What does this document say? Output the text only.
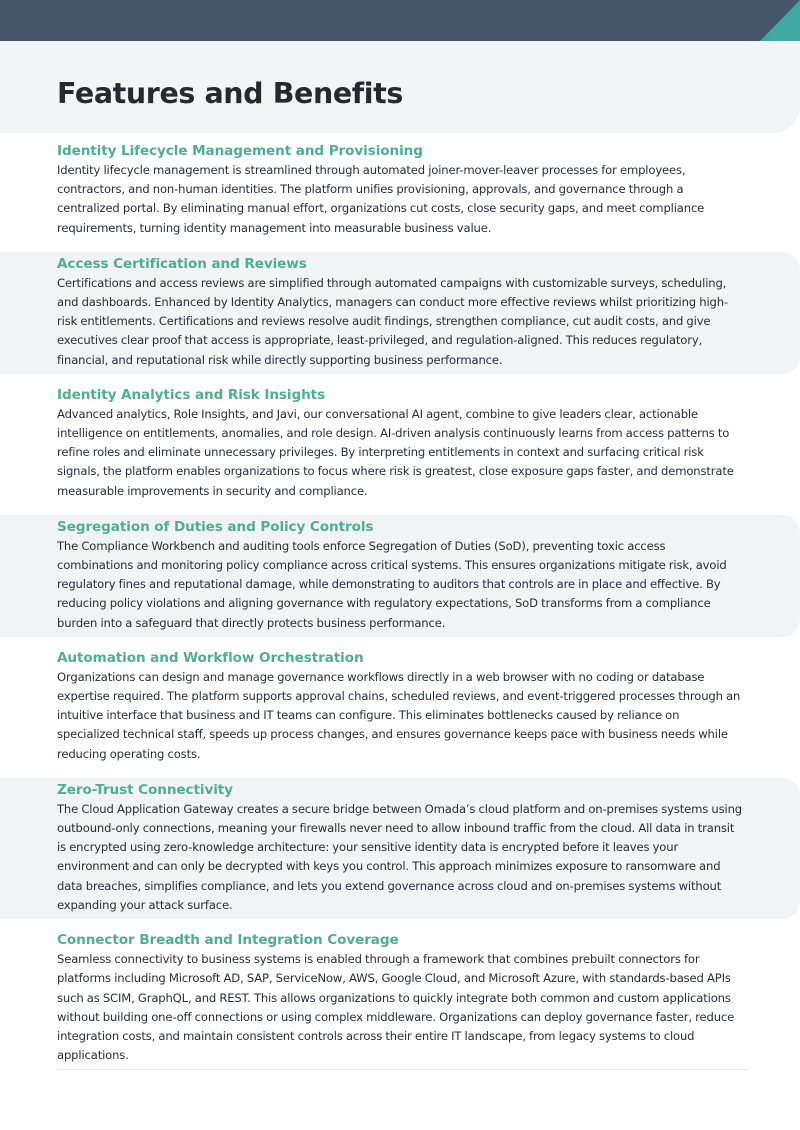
Features and Benefits
Identity Lifecycle Management and Provisioning

Identity lifecycle management is streamlined through automated joiner-mover-leaver processes for employees, contractors, and non-human identities. The platform unifies provisioning, approvals, and governance through a centralized portal. By eliminating manual effort, organizations cut costs, close security gaps, and meet compliance requirements, turning identity management into measurable business value.

Access Certification and Reviews

Certifications and access reviews are simplified through automated campaigns with customizable surveys, scheduling, and dashboards. Enhanced by Identity Analytics, managers can conduct more effective reviews whilst prioritizing high-risk entitlements. Certifications and reviews resolve audit findings, strengthen compliance, cut audit costs, and give executives clear proof that access is appropriate, least-privileged, and regulation-aligned. This reduces regulatory, financial, and reputational risk while directly supporting business performance.

Identity Analytics and Risk Insights

Advanced analytics, Role Insights, and Javi, our conversational AI agent, combine to give leaders clear, actionable intelligence on entitlements, anomalies, and role design. AI-driven analysis continuously learns from access patterns to refine roles and eliminate unnecessary privileges. By interpreting entitlements in context and surfacing critical risk signals, the platform enables organizations to focus where risk is greatest, close exposure gaps faster, and demonstrate measurable improvements in security and compliance.

Segregation of Duties and Policy Controls

The Compliance Workbench and auditing tools enforce Segregation of Duties (SoD), preventing toxic access combinations and monitoring policy compliance across critical systems. This ensures organizations mitigate risk, avoid regulatory fines and reputational damage, while demonstrating to auditors that controls are in place and effective. By reducing policy violations and aligning governance with regulatory expectations, SoD transforms from a compliance burden into a safeguard that directly protects business performance.

Automation and Workflow Orchestration

Organizations can design and manage governance workflows directly in a web browser with no coding or database expertise required. The platform supports approval chains, scheduled reviews, and event-triggered processes through an intuitive interface that business and IT teams can configure. This eliminates bottlenecks caused by reliance on specialized technical staff, speeds up process changes, and ensures governance keeps pace with business needs while reducing operating costs.

Zero-Trust Connectivity

The Cloud Application Gateway creates a secure bridge between Omada’s cloud platform and on-premises systems using outbound-only connections, meaning your firewalls never need to allow inbound traffic from the cloud. All data in transit is encrypted using zero-knowledge architecture: your sensitive identity data is encrypted before it leaves your environment and can only be decrypted with keys you control. This approach minimizes exposure to ransomware and data breaches, simplifies compliance, and lets you extend governance across cloud and on-premises systems without expanding your attack surface.

Connector Breadth and Integration Coverage

Seamless connectivity to business systems is enabled through a framework that combines prebuilt connectors for platforms including Microsoft AD, SAP, ServiceNow, AWS, Google Cloud, and Microsoft Azure, with standards-based APIs such as SCIM, GraphQL, and REST. This allows organizations to quickly integrate both common and custom applications without building one-off connections or using complex middleware. Organizations can deploy governance faster, reduce integration costs, and maintain consistent controls across their entire IT landscape, from legacy systems to cloud applications.
